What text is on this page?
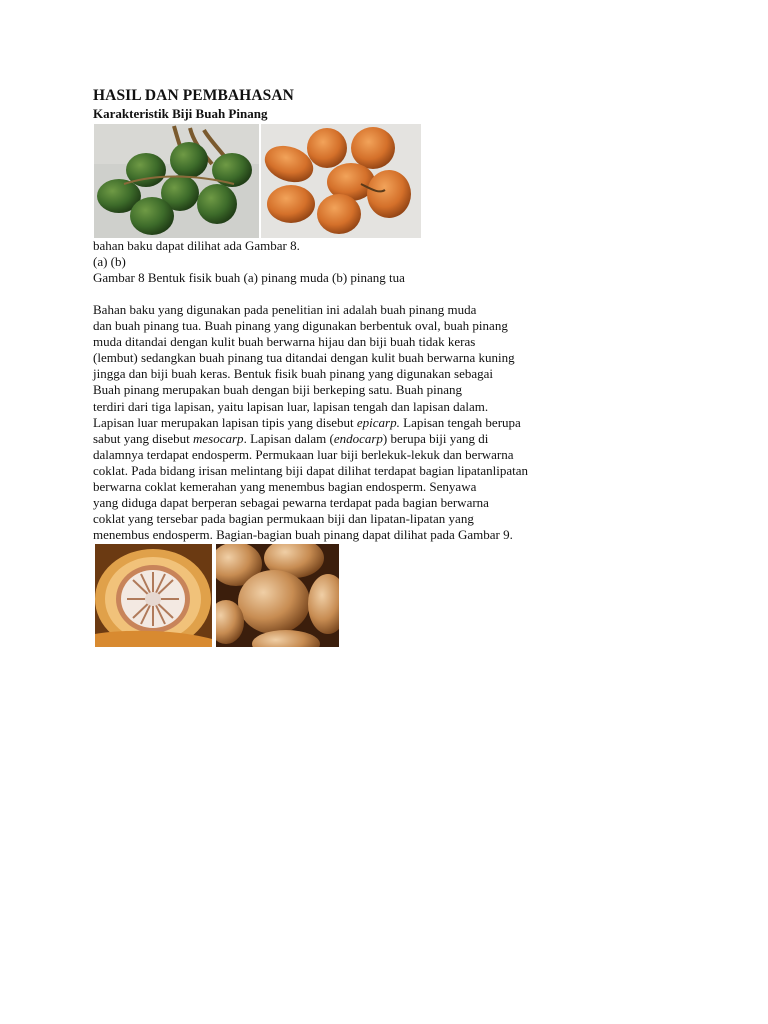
HASIL DAN PEMBAHASAN
Karakteristik Biji Buah Pinang
bahan baku dapat dilihat ada Gambar 8.
(a) (b)
Gambar 8 Bentuk fisik buah (a) pinang muda (b) pinang tua
Bahan baku yang digunakan pada penelitian ini adalah buah pinang muda
dan buah pinang tua. Buah pinang yang digunakan berbentuk oval, buah pinang
muda ditandai dengan kulit buah berwarna hijau dan biji buah tidak keras
(lembut) sedangkan buah pinang tua ditandai dengan kulit buah berwarna kuning
jingga dan biji buah keras. Bentuk fisik buah pinang yang digunakan sebagai
Buah pinang merupakan buah dengan biji berkeping satu. Buah pinang
terdiri dari tiga lapisan, yaitu lapisan luar, lapisan tengah dan lapisan dalam.
Lapisan luar merupakan lapisan tipis yang disebut epicarp. Lapisan tengah berupa
sabut yang disebut mesocarp. Lapisan dalam (endocarp) berupa biji yang di
dalamnya terdapat endosperm. Permukaan luar biji berlekuk-lekuk dan berwarna
coklat. Pada bidang irisan melintang biji dapat dilihat terdapat bagian lipatanlipatan
berwarna coklat kemerahan yang menembus bagian endosperm. Senyawa
yang diduga dapat berperan sebagai pewarna terdapat pada bagian berwarna
coklat yang tersebar pada bagian permukaan biji dan lipatan-lipatan yang
menembus endosperm. Bagian-bagian buah pinang dapat dilihat pada Gambar 9.
